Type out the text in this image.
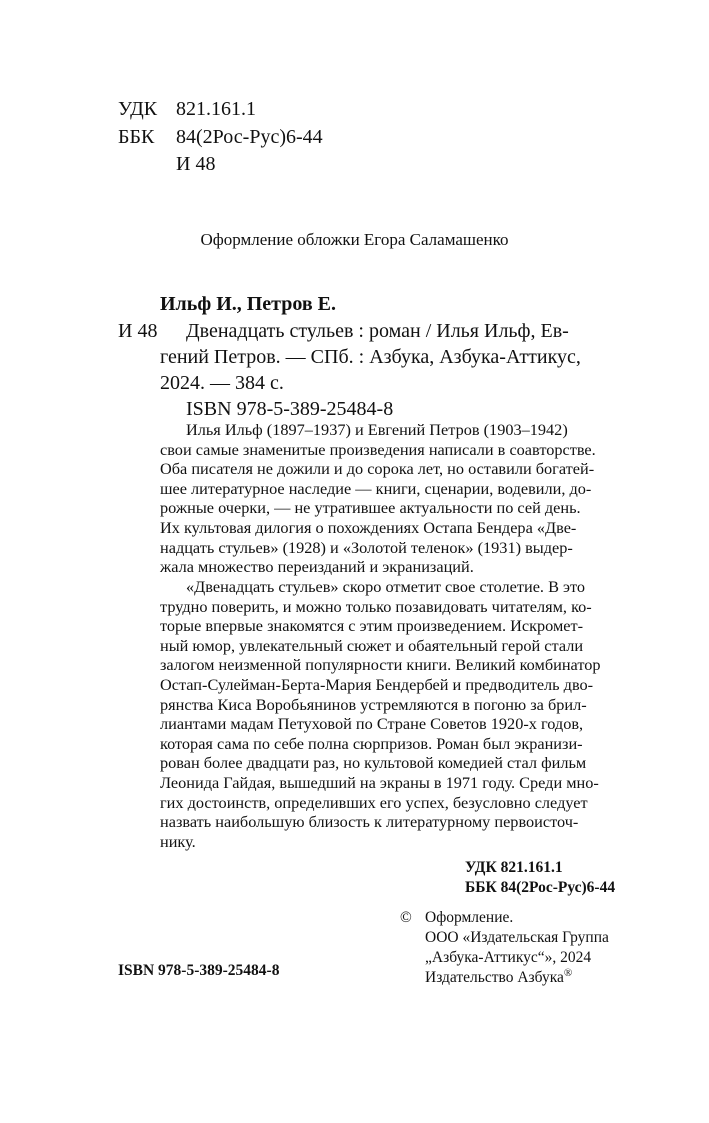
УДК 821.161.1
ББК 84(2Рос-Рус)6-44
И 48
Оформление обложки Егора Саламашенко
Ильф И., Петров Е.
И 48 Двенадцать стульев : роман / Илья Ильф, Ев-
гений Петров. — СПб. : Азбука, Азбука-Аттикус,
2024. — 384 с.
ISBN 978-5-389-25484-8
Илья Ильф (1897–1937) и Евгений Петров (1903–1942)
свои самые знаменитые произведения написали в соавторстве.
Оба писателя не дожили и до сорока лет, но оставили богатей-
шее литературное наследие — книги, сценарии, водевили, до-
рожные очерки, — не утратившее актуальности по сей день.
Их культовая дилогия о похождениях Остапа Бендера «Две-
надцать стульев» (1928) и «Золотой теленок» (1931) выдер-
жала множество переизданий и экранизаций.
«Двенадцать стульев» скоро отметит свое столетие. В это
трудно поверить, и можно только позавидовать читателям, ко-
торые впервые знакомятся с этим произведением. Искромет-
ный юмор, увлекательный сюжет и обаятельный герой стали
залогом неизменной популярности книги. Великий комбинатор
Остап-Сулейман-Берта-Мария Бендербей и предводитель дво-
рянства Киса Воробьянинов устремляются в погоню за брил-
лиантами мадам Петуховой по Стране Советов 1920-х годов,
которая сама по себе полна сюрпризов. Роман был экранизи-
рован более двадцати раз, но культовой комедией стал фильм
Леонида Гайдая, вышедший на экраны в 1971 году. Среди мно-
гих достоинств, определивших его успех, безусловно следует
назвать наибольшую близость к литературному первоисточ-
нику.
УДК 821.161.1
ББК 84(2Рос-Рус)6-44
© Оформление.
ООО «Издательская Группа
„Азбука-Аттикус“», 2024
Издательство Азбука®
ISBN 978-5-389-25484-8
